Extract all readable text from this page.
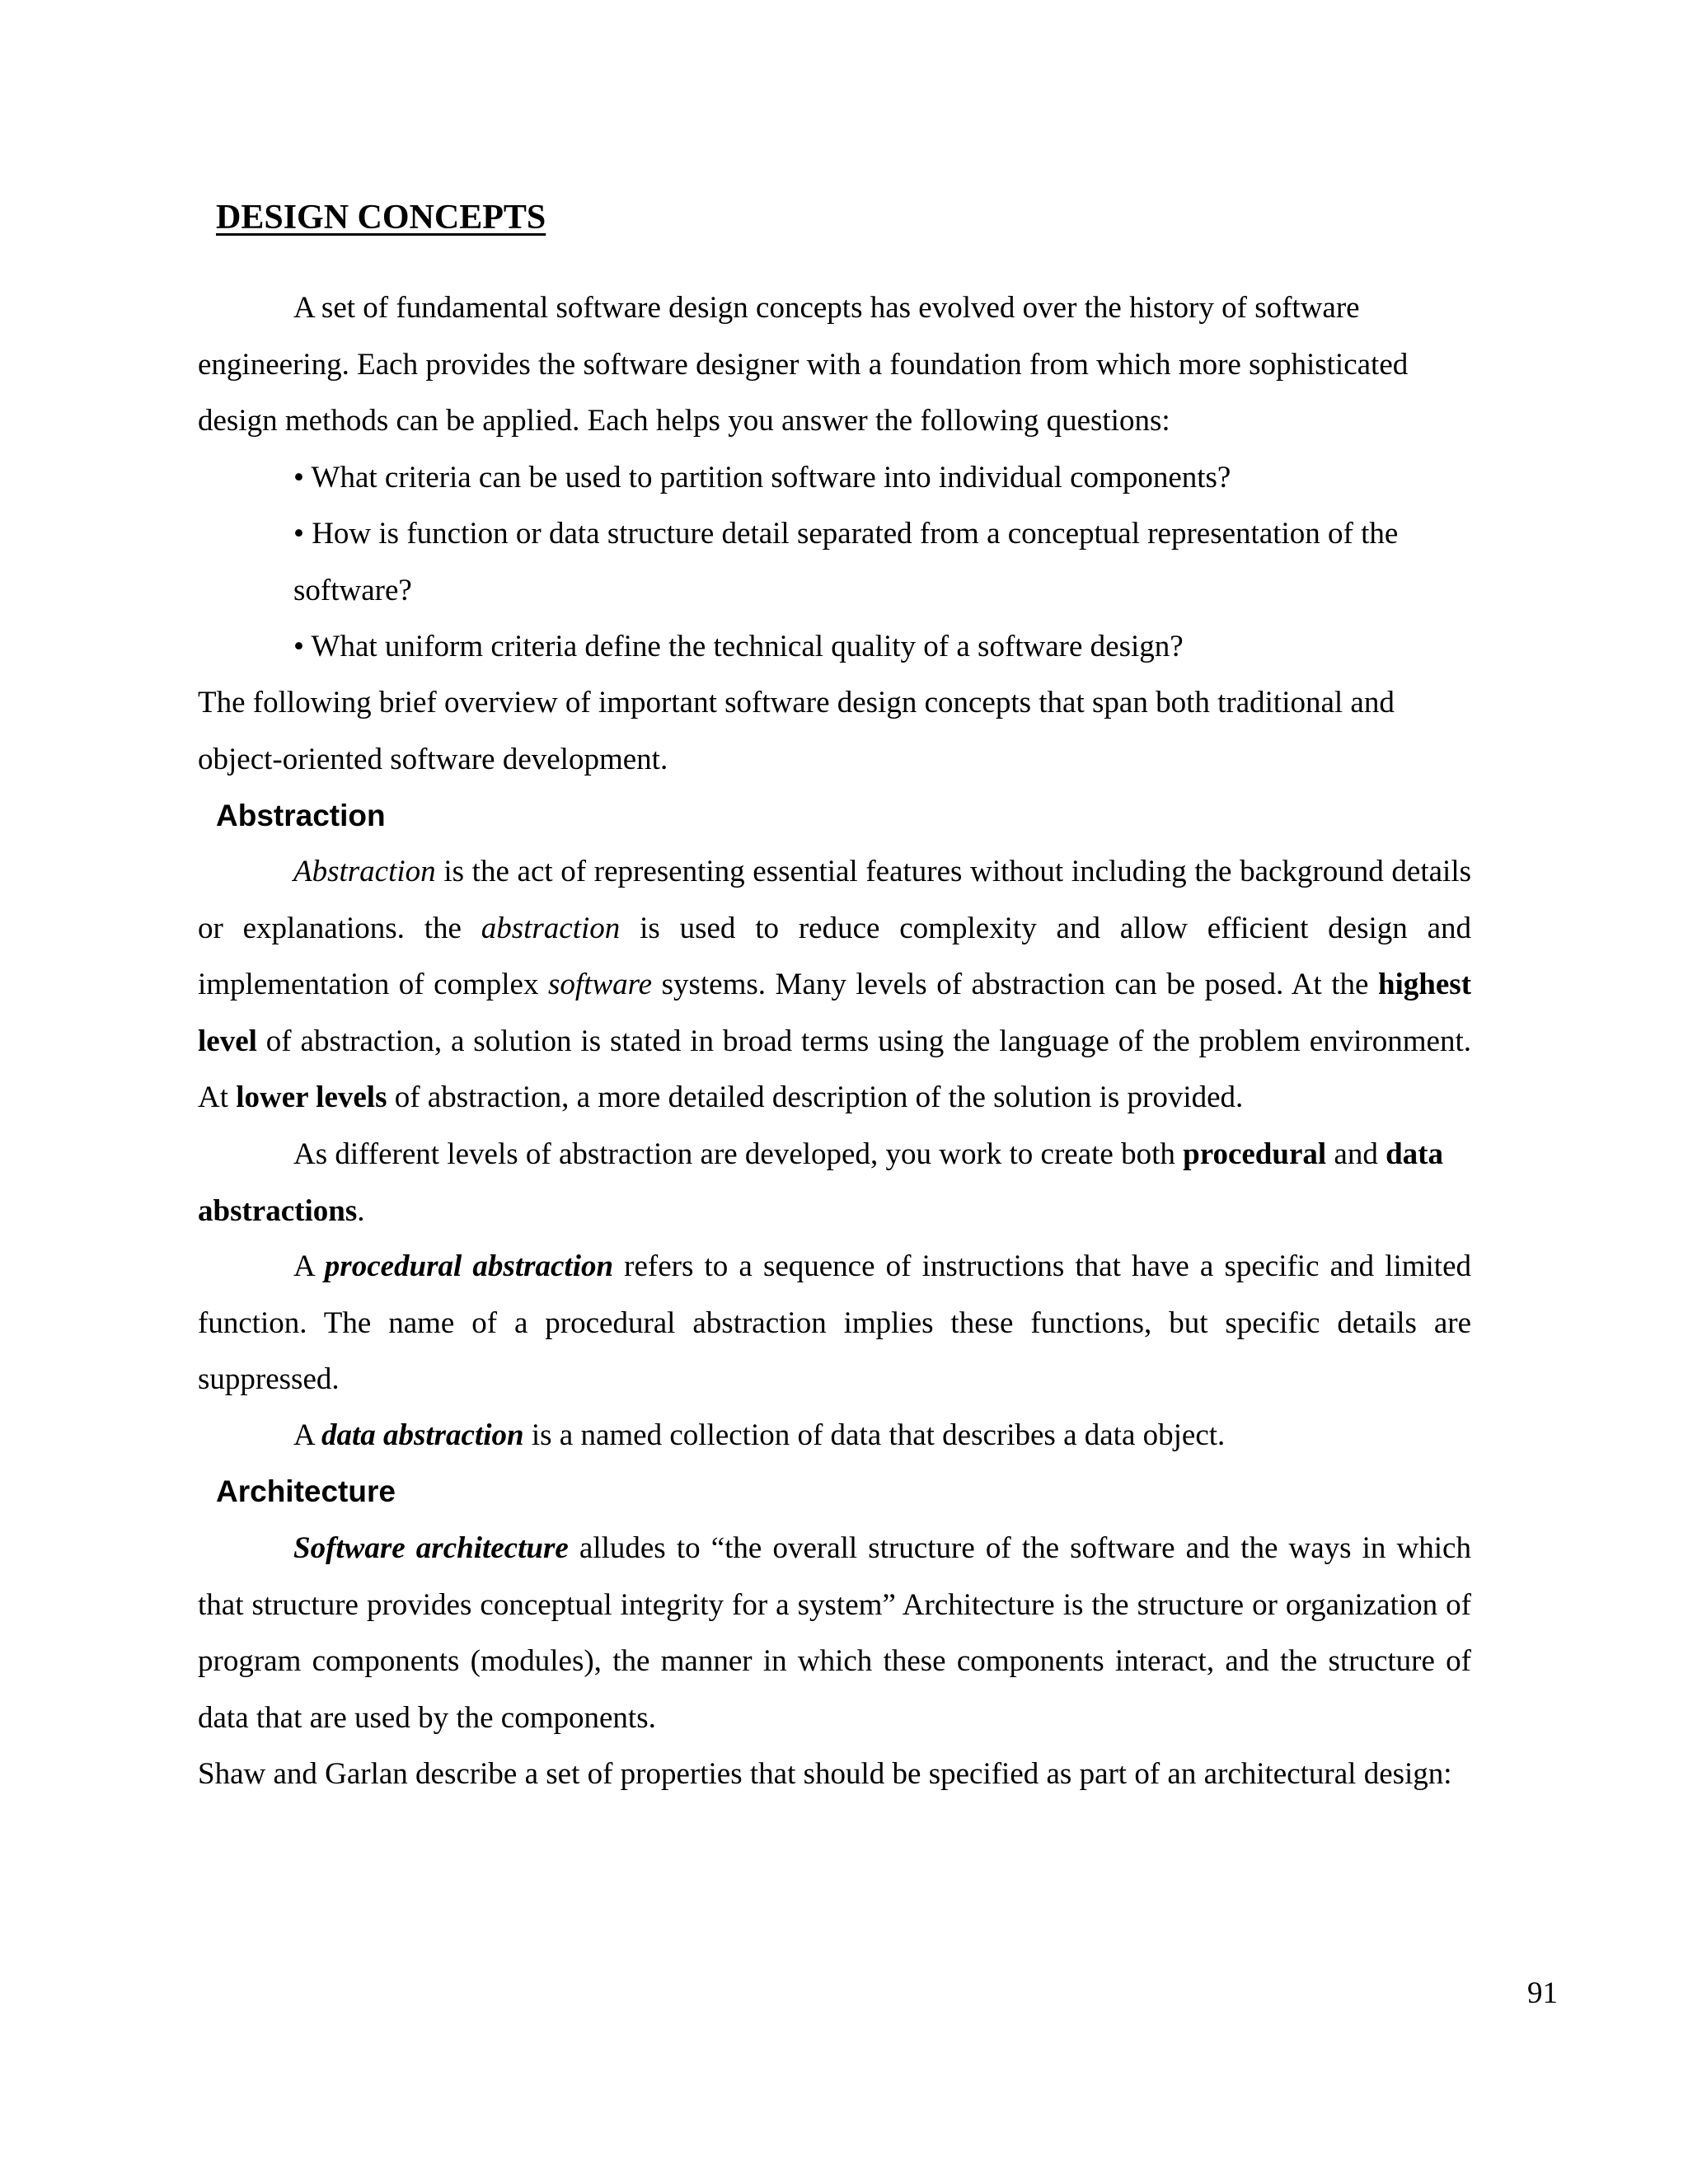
DESIGN CONCEPTS

A set of fundamental software design concepts has evolved over the history of software engineering. Each provides the software designer with a foundation from which more sophisticated design methods can be applied. Each helps you answer the following questions:

• What criteria can be used to partition software into individual components?

• How is function or data structure detail separated from a conceptual representation of the software?

• What uniform criteria define the technical quality of a software design?

The following brief overview of important software design concepts that span both traditional and object-oriented software development.

Abstraction

Abstraction is the act of representing essential features without including the background details or explanations. the abstraction is used to reduce complexity and allow efficient design and implementation of complex software systems. Many levels of abstraction can be posed. At the highest level of abstraction, a solution is stated in broad terms using the language of the problem environment. At lower levels of abstraction, a more detailed description of the solution is provided.

As different levels of abstraction are developed, you work to create both procedural and data abstractions.

A procedural abstraction refers to a sequence of instructions that have a specific and limited function. The name of a procedural abstraction implies these functions, but specific details are suppressed.

A data abstraction is a named collection of data that describes a data object.

Architecture

Software architecture alludes to “the overall structure of the software and the ways in which that structure provides conceptual integrity for a system” Architecture is the structure or organization of program components (modules), the manner in which these components interact, and the structure of data that are used by the components.

Shaw and Garlan describe a set of properties that should be specified as part of an architectural design:

91
